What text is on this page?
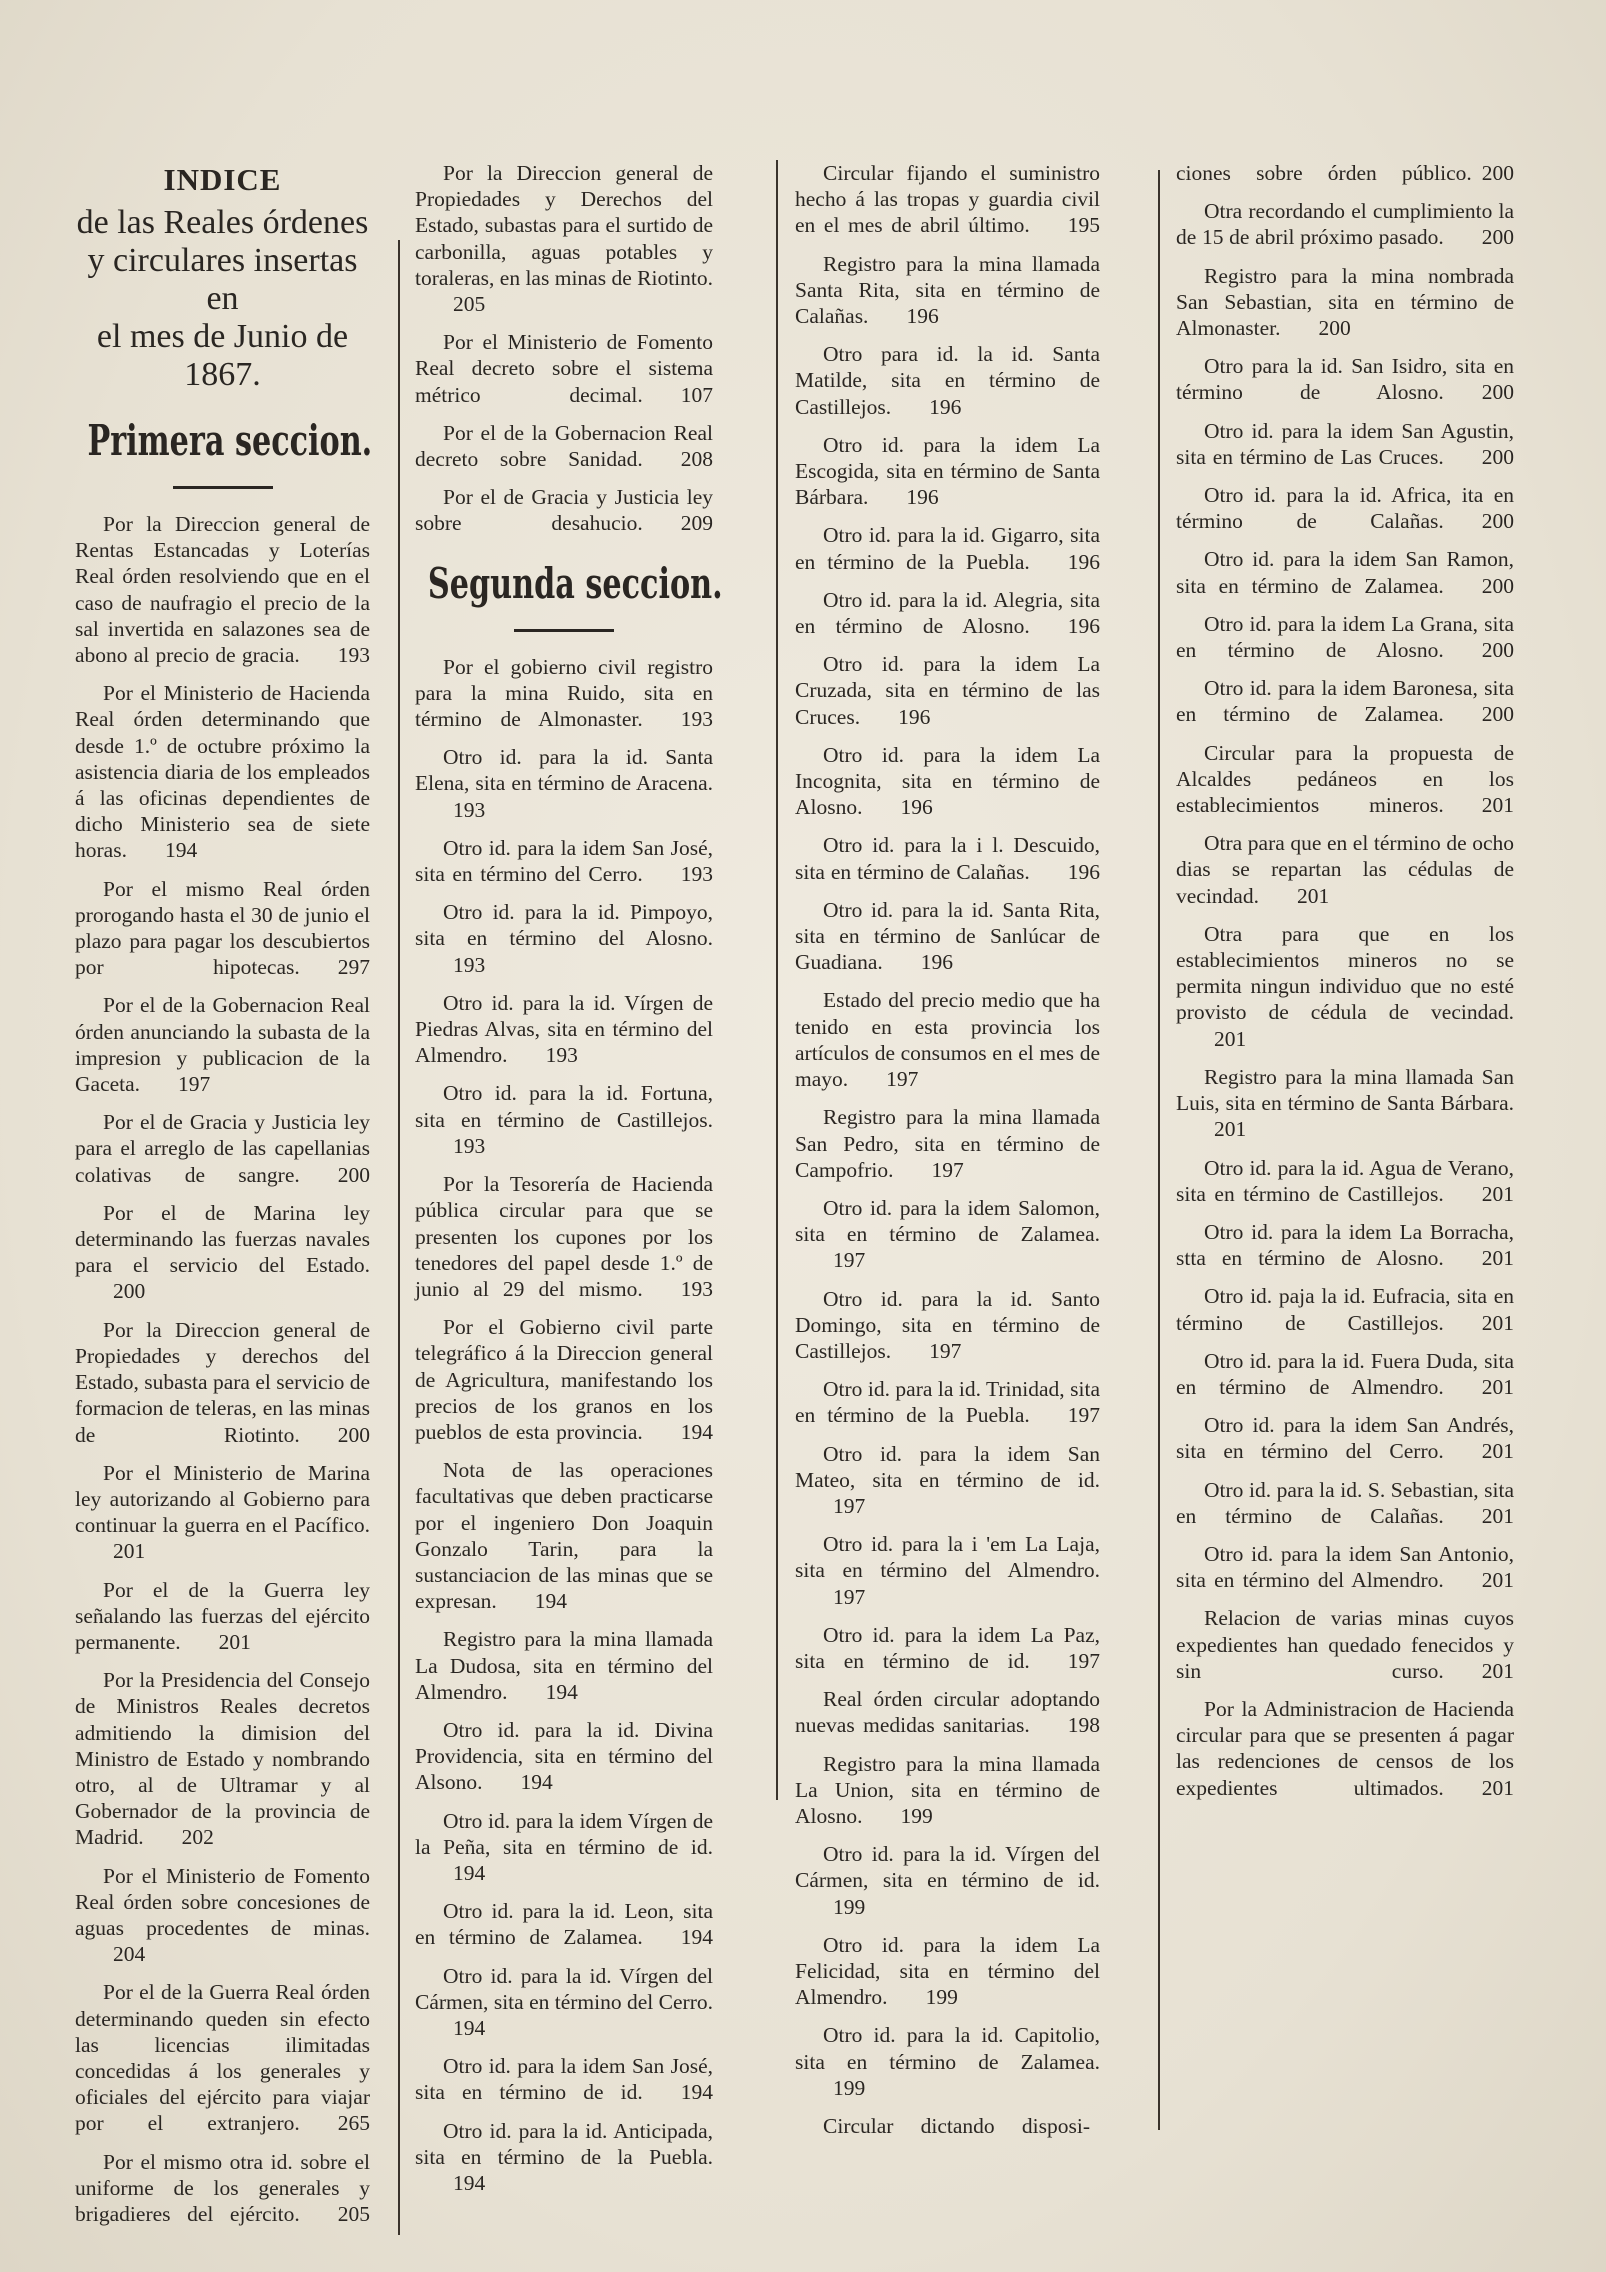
INDICE
de las Reales órdenes
y circulares insertas en
el mes de Junio de 1867.
Primera seccion.
Por la Direccion general de Rentas Estancadas y Loterías Real órden resolviendo que en el caso de naufragio el precio de la sal invertida en salazones sea de abono al precio de gracia. 193
Por el Ministerio de Hacienda Real órden determinando que desde 1.º de octubre próximo la asistencia diaria de los empleados á las oficinas dependientes de dicho Ministerio sea de siete horas. 194
Por el mismo Real órden prorogando hasta el 30 de junio el plazo para pagar los descubiertos por hipotecas. 297
Por el de la Gobernacion Real órden anunciando la subasta de la impresion y publicacion de la Gaceta. 197
Por el de Gracia y Justicia ley para el arreglo de las capellanias colativas de sangre. 200
Por el de Marina ley determinando las fuerzas navales para el servicio del Estado.200
Por la Direccion general de Propiedades y derechos del Estado, subasta para el servicio de formacion de teleras, en las minas de Riotinto. 200
Por el Ministerio de Marina ley autorizando al Gobierno para continuar la guerra en el Pacífico.201
Por el de la Guerra ley señalando las fuerzas del ejército permanente. 201
Por la Presidencia del Consejo de Ministros Reales decretos admitiendo la dimision del Ministro de Estado y nombrando otro, al de Ultramar y al Gobernador de la provincia de Madrid. 202
Por el Ministerio de Fomento Real órden sobre concesiones de aguas procedentes de minas.204
Por el de la Guerra Real órden determinando queden sin efecto las licencias ilimitadas concedidas á los generales y oficiales del ejército para viajar por el extranjero. 265
Por el mismo otra id. sobre el uniforme de los generales y brigadieres del ejército. 205
Por la Direccion general de Propiedades y Derechos del Estado, subastas para el surtido de carbonilla, aguas potables y toraleras, en las minas de Riotinto.205
Por el Ministerio de Fomento Real decreto sobre el sistema métrico decimal. 107
Por el de la Gobernacion Real decreto sobre Sanidad. 208
Por el de Gracia y Justicia ley sobre desahucio. 209
Segunda seccion.
Por el gobierno civil registro para la mina Ruido, sita en término de Almonaster. 193
Otro id. para la id. Santa Elena, sita en término de Aracena.193
Otro id. para la idem San José, sita en término del Cerro. 193
Otro id. para la id. Pimpoyo, sita en término del Alosno.193
Otro id. para la id. Vírgen de Piedras Alvas, sita en término del Almendro. 193
Otro id. para la id. Fortuna, sita en término de Castillejos.193
Por la Tesorería de Hacienda pública circular para que se presenten los cupones por los tenedores del papel desde 1.º de junio al 29 del mismo. 193
Por el Gobierno civil parte telegráfico á la Direccion general de Agricultura, manifestando los precios de los granos en los pueblos de esta provincia. 194
Nota de las operaciones facultativas que deben practicarse por el ingeniero Don Joaquin Gonzalo Tarin, para la sustanciacion de las minas que se expresan. 194
Registro para la mina llamada La Dudosa, sita en término del Almendro. 194
Otro id. para la id. Divina Providencia, sita en término del Alsono. 194
Otro id. para la idem Vírgen de la Peña, sita en término de id.194
Otro id. para la id. Leon, sita en término de Zalamea. 194
Otro id. para la id. Vírgen del Cármen, sita en término del Cerro.194
Otro id. para la idem San José, sita en término de id. 194
Otro id. para la id. Anticipada, sita en término de la Puebla.194
Circular fijando el suministro hecho á las tropas y guardia civil en el mes de abril último. 195
Registro para la mina llamada Santa Rita, sita en término de Calañas. 196
Otro para id. la id. Santa Matilde, sita en término de Castillejos. 196
Otro id. para la idem La Escogida, sita en término de Santa Bárbara. 196
Otro id. para la id. Gigarro, sita en término de la Puebla. 196
Otro id. para la id. Alegria, sita en término de Alosno. 196
Otro id. para la idem La Cruzada, sita en término de las Cruces. 196
Otro id. para la idem La Incognita, sita en término de Alosno. 196
Otro id. para la i l. Descuido, sita en término de Calañas. 196
Otro id. para la id. Santa Rita, sita en término de Sanlúcar de Guadiana. 196
Estado del precio medio que ha tenido en esta provincia los artículos de consumos en el mes de mayo. 197
Registro para la mina llamada San Pedro, sita en término de Campofrio. 197
Otro id. para la idem Salomon, sita en término de Zalamea.197
Otro id. para la id. Santo Domingo, sita en término de Castillejos. 197
Otro id. para la id. Trinidad, sita en término de la Puebla. 197
Otro id. para la idem San Mateo, sita en término de id.197
Otro id. para la i 'em La Laja, sita en término del Almendro.197
Otro id. para la idem La Paz, sita en término de id. 197
Real órden circular adoptando nuevas medidas sanitarias. 198
Registro para la mina llamada La Union, sita en término de Alosno. 199
Otro id. para la id. Vírgen del Cármen, sita en término de id.199
Otro id. para la idem La Felicidad, sita en término del Almendro. 199
Otro id. para la id. Capitolio, sita en término de Zalamea.199
Circular dictando disposi-
ciones sobre órden público. 200
Otra recordando el cumplimiento la de 15 de abril próximo pasado. 200
Registro para la mina nombrada San Sebastian, sita en término de Almonaster. 200
Otro para la id. San Isidro, sita en término de Alosno. 200
Otro id. para la idem San Agustin, sita en término de Las Cruces. 200
Otro id. para la id. Africa, ita en término de Calañas. 200
Otro id. para la idem San Ramon, sita en término de Zalamea. 200
Otro id. para la idem La Grana, sita en término de Alosno. 200
Otro id. para la idem Baronesa, sita en término de Zalamea. 200
Circular para la propuesta de Alcaldes pedáneos en los establecimientos mineros. 201
Otra para que en el término de ocho dias se repartan las cédulas de vecindad. 201
Otra para que en los establecimientos mineros no se permita ningun individuo que no esté provisto de cédula de vecindad.201
Registro para la mina llamada San Luis, sita en término de Santa Bárbara.201
Otro id. para la id. Agua de Verano, sita en término de Castillejos. 201
Otro id. para la idem La Borracha, stta en término de Alosno. 201
Otro id. paja la id. Eufracia, sita en término de Castillejos. 201
Otro id. para la id. Fuera Duda, sita en término de Almendro. 201
Otro id. para la idem San Andrés, sita en término del Cerro. 201
Otro id. para la id. S. Sebastian, sita en término de Calañas. 201
Otro id. para la idem San Antonio, sita en término del Almendro. 201
Relacion de varias minas cuyos expedientes han quedado fenecidos y sin curso. 201
Por la Administracion de Hacienda circular para que se presenten á pagar las redenciones de censos de los expedientes ultimados. 201
